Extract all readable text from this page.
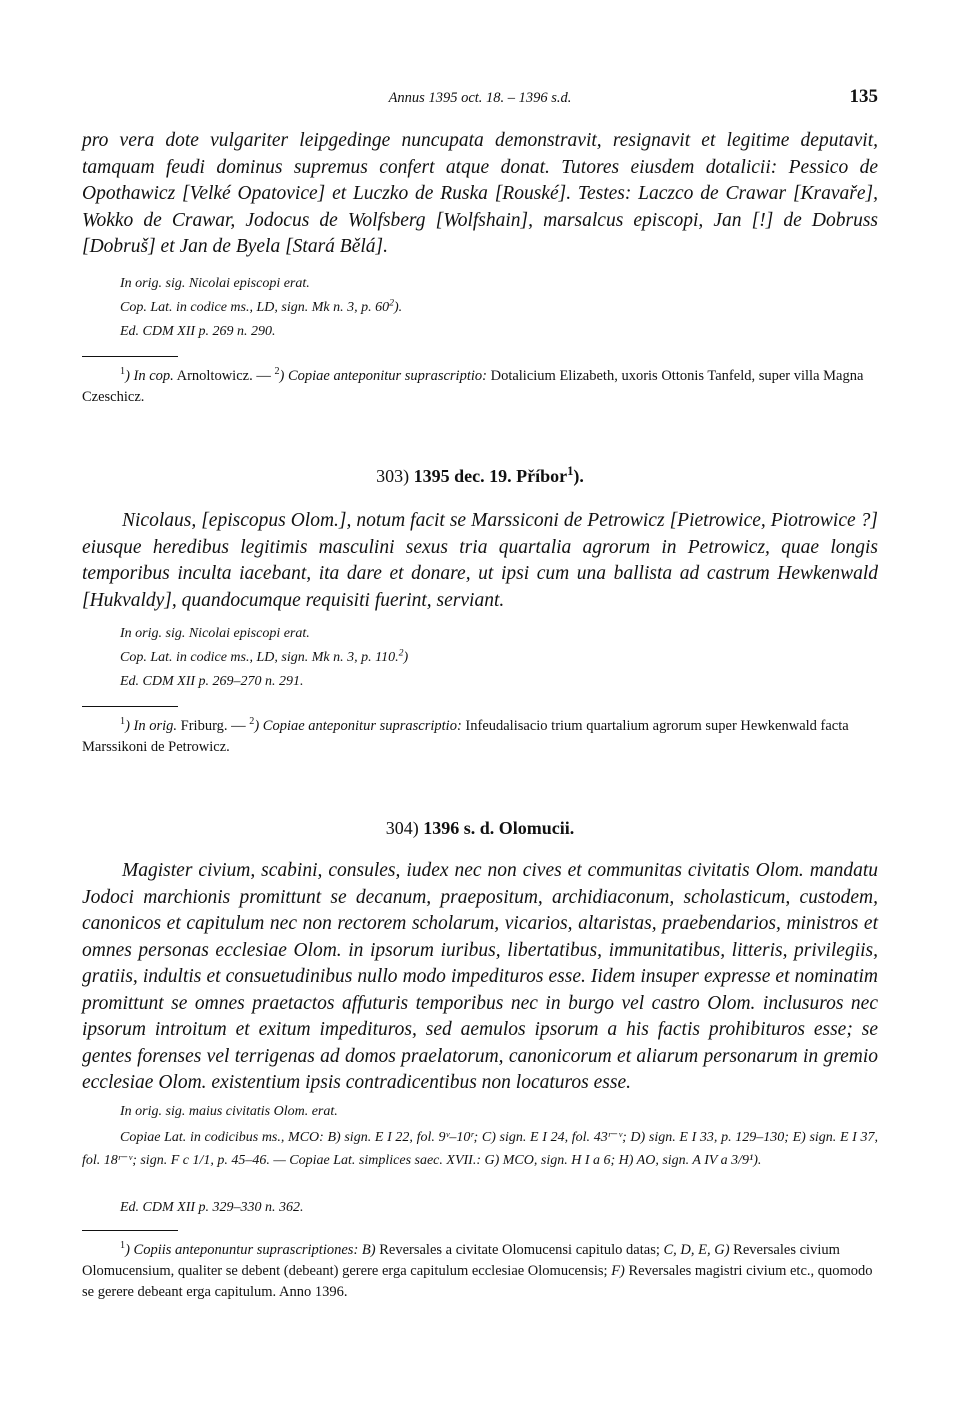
Annus 1395 oct. 18. – 1396 s.d.	135

pro vera dote vulgariter leipgedinge nuncupata demonstravit, resignavit et legitime deputavit, tamquam feudi dominus supremus confert atque donat. Tutores eiusdem dotalicii: Pessico de Opothawicz [Velké Opatovice] et Luczko de Ruska [Rouské]. Testes: Laczco de Crawar [Kravaře], Wokko de Crawar, Jodocus de Wolfsberg [Wolfshain], marsalcus episcopi, Jan [!] de Dobruss [Dobruš] et Jan de Byela [Stará Bělá].

In orig. sig. Nicolai episcopi erat.

Cop. Lat. in codice ms., LD, sign. Mk n. 3, p. $60^2$).

Ed. CDM XII p. 269 n. 290.

$^1$) In cop. Arnoltowicz. — $^2$) Copiae anteponitur suprascriptio: Dotalicium Elizabeth, uxoris Ottonis Tanfeld, super villa Magna Czeschicz.

303) 1395 dec. 19. Příbor$^1$).

Nicolaus, [episcopus Olom.], notum facit se Marssiconi de Petrowicz [Pietrowice, Piotrowice ?] eiusque heredibus legitimis masculini sexus tria quartalia agrorum in Petrowicz, quae longis temporibus inculta iacebant, ita dare et donare, ut ipsi cum una ballista ad castrum Hewkenwald [Hukvaldy], quandocumque requisiti fuerint, serviant.

In orig. sig. Nicolai episcopi erat.

Cop. Lat. in codice ms., LD, sign. Mk n. 3, p. 110.$^2$)

Ed. CDM XII p. 269–270 n. 291.

$^1$) In orig. Friburg. — $^2$) Copiae anteponitur suprascriptio: Infeudalisacio trium quartalium agrorum super Hewkenwald facta Marssikoni de Petrowicz.

304) 1396 s. d. Olomucii.

Magister civium, scabini, consules, iudex nec non cives et communitas civitatis Olom. mandatu Jodoci marchionis promittunt se decanum, praepositum, archidiaconum, scholasticum, custodem, canonicos et capitulum nec non rectorem scholarum, vicarios, altaristas, praebendarios, ministros et omnes personas ecclesiae Olom. in ipsorum iuribus, libertatibus, immunitatibus, litteris, privilegiis, gratiis, indultis et consuetudinibus nullo modo impedituros esse. Iidem insuper expresse et nominatim promittunt se omnes praetactos affuturis temporibus nec in burgo vel castro Olom. inclusuros nec ipsorum introitum et exitum impedituros, sed aemulos ipsorum a his factis prohibituros esse; se gentes forenses vel terrigenas ad domos praelatorum, canonicorum et aliarum personarum in gremio ecclesiae Olom. existentium ipsis contradicentibus non locaturos esse.

In orig. sig. maius civitatis Olom. erat.

Copiae Lat. in codicibus ms., MCO: B) sign. E I 22, fol. 9ᵛ–10ʳ; C) sign. E I 24, fol. 43ʳ⁻ᵛ; D) sign. E I 33, p. 129–130; E) sign. E I 37, fol. 18ʳ⁻ᵛ; sign. F c 1/1, p. 45–46. — Copiae Lat. simplices saec. XVII.: G) MCO, sign. H I a 6; H) AO, sign. A IV a 3/9¹).

Ed. CDM XII p. 329–330 n. 362.

$^1$) Copiis anteponuntur suprascriptiones: B) Reversales a civitate Olomucensi capitulo datas; C, D, E, G) Reversales civium Olomucensium, qualiter se debent (debeant) gerere erga capitulum ecclesiae Olomucensis; F) Reversales magistri civium etc., quomodo se gerere debeant erga capitulum. Anno 1396.
